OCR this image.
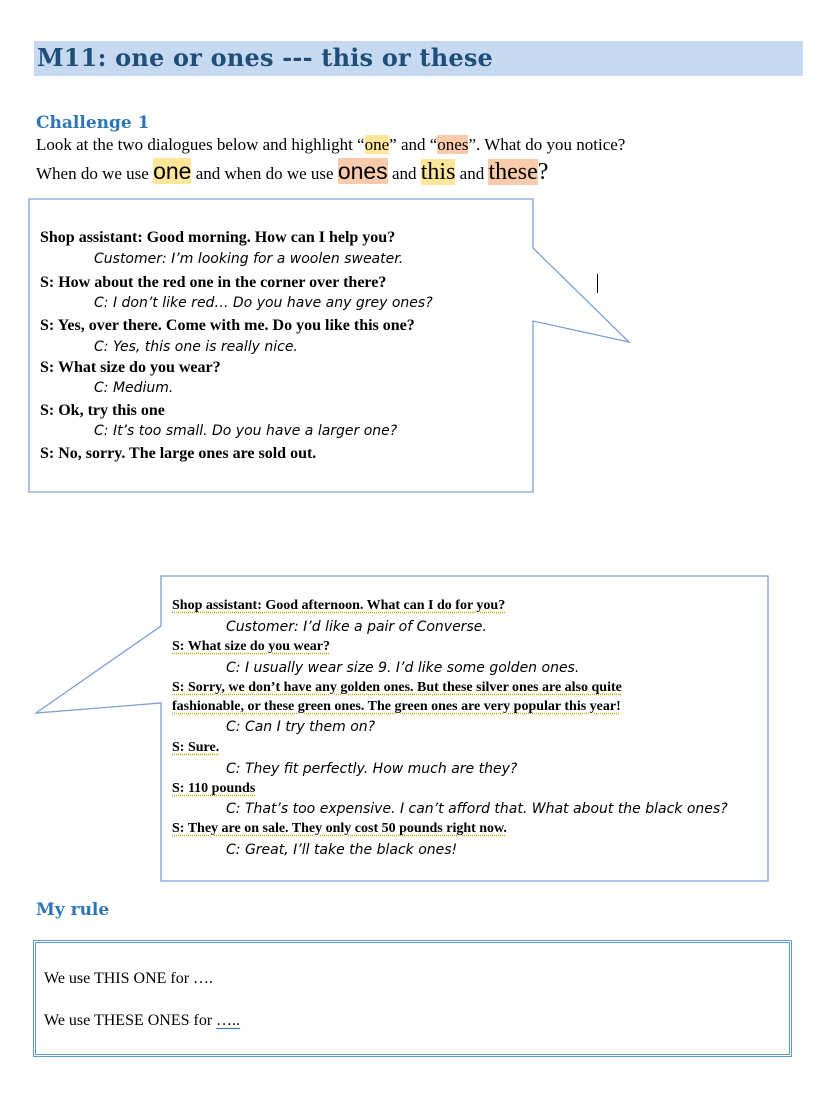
M11: one or ones --- this or these
Challenge 1
Look at the two dialogues below and highlight “one” and “ones”. What do you notice?
When do we use one and when do we use ones and this and these?
Shop assistant: Good morning. How can I help you?
Customer: I’m looking for a woolen sweater.
S: How about the red one in the corner over there?
C: I don’t like red… Do you have any grey ones?
S: Yes, over there. Come with me. Do you like this one?
C: Yes, this one is really nice.
S: What size do you wear?
C: Medium.
S: Ok, try this one
C: It’s too small. Do you have a larger one?
S: No, sorry. The large ones are sold out.
Shop assistant: Good afternoon. What can I do for you?
Customer: I’d like a pair of Converse.
S: What size do you wear?
C: I usually wear size 9. I’d like some golden ones.
S: Sorry, we don’t have any golden ones. But these silver ones are also quite
fashionable, or these green ones. The green ones are very popular this year!
C: Can I try them on?
S: Sure.
C: They fit perfectly. How much are they?
S: 110 pounds
C: That’s too expensive. I can’t afford that. What about the black ones?
S: They are on sale. They only cost 50 pounds right now.
C: Great, I’ll take the black ones!
My rule
We use THIS ONE for ….
We use THESE ONES for …..
